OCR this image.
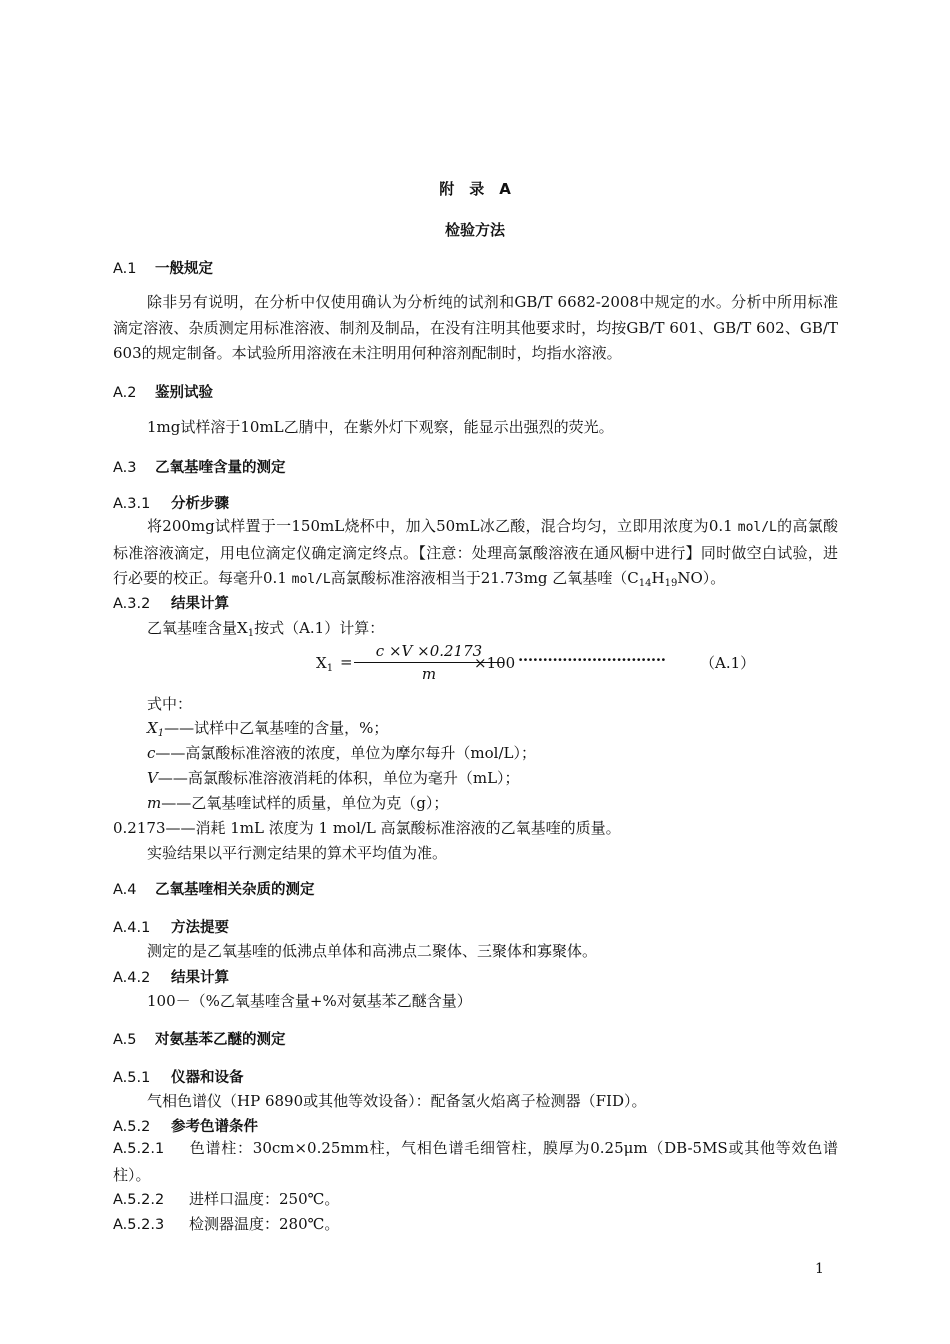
附　录　A
检验方法
A.1 一般规定
除非另有说明，在分析中仅使用确认为分析纯的试剂和GB/T 6682-2008中规定的水。分析中所用标准滴定溶液、杂质测定用标准溶液、制剂及制品，在没有注明其他要求时，均按GB/T 601、GB/T 602、GB/T 603的规定制备。本试验所用溶液在未注明用何种溶剂配制时，均指水溶液。
A.2 鉴别试验
1mg试样溶于10mL乙腈中，在紫外灯下观察，能显示出强烈的荧光。
A.3 乙氧基喹含量的测定
A.3.1 分析步骤
将200mg试样置于一150mL烧杯中，加入50mL冰乙酸，混合均匀，立即用浓度为0.1 mol/L的高氯酸标准溶液滴定，用电位滴定仪确定滴定终点。【注意：处理高氯酸溶液在通风橱中进行】同时做空白试验，进行必要的校正。每毫升0.1 mol/L高氯酸标准溶液相当于21.73mg 乙氧基喹$(C_{14}H_{19}NO)$。
A.3.2 结果计算
乙氧基喹含量$X_1$按式（A.1）计算：
$X_1 = \frac{c \times V \times 0.2173}{m}$
×100 ······························ （A.1）
式中：
$X_1——$试样中乙氧基喹的含量，%；
c——高氯酸标准溶液的浓度，单位为摩尔每升（mol/L）；
V——高氯酸标准溶液消耗的体积，单位为毫升（mL）；
m——乙氧基喹试样的质量，单位为克（g）；
0.2173——消耗 1mL 浓度为 1 mol/L 高氯酸标准溶液的乙氧基喹的质量。
实验结果以平行测定结果的算术平均值为准。
A.4 乙氧基喹相关杂质的测定
A.4.1 方法提要
测定的是乙氧基喹的低沸点单体和高沸点二聚体、三聚体和寡聚体。
A.4.2 结果计算
100－（%乙氧基喹含量+%对氨基苯乙醚含量）
A.5 对氨基苯乙醚的测定
A.5.1 仪器和设备
气相色谱仪（HP 6890或其他等效设备）：配备氢火焰离子检测器（FID）。
A.5.2 参考色谱条件
A.5.2.1 色谱柱：30cm×0.25mm柱，气相色谱毛细管柱，膜厚为0.25μm（DB-5MS或其他等效色谱柱）。
A.5.2.2 进样口温度：250℃。
A.5.2.3 检测器温度：280℃。
1
